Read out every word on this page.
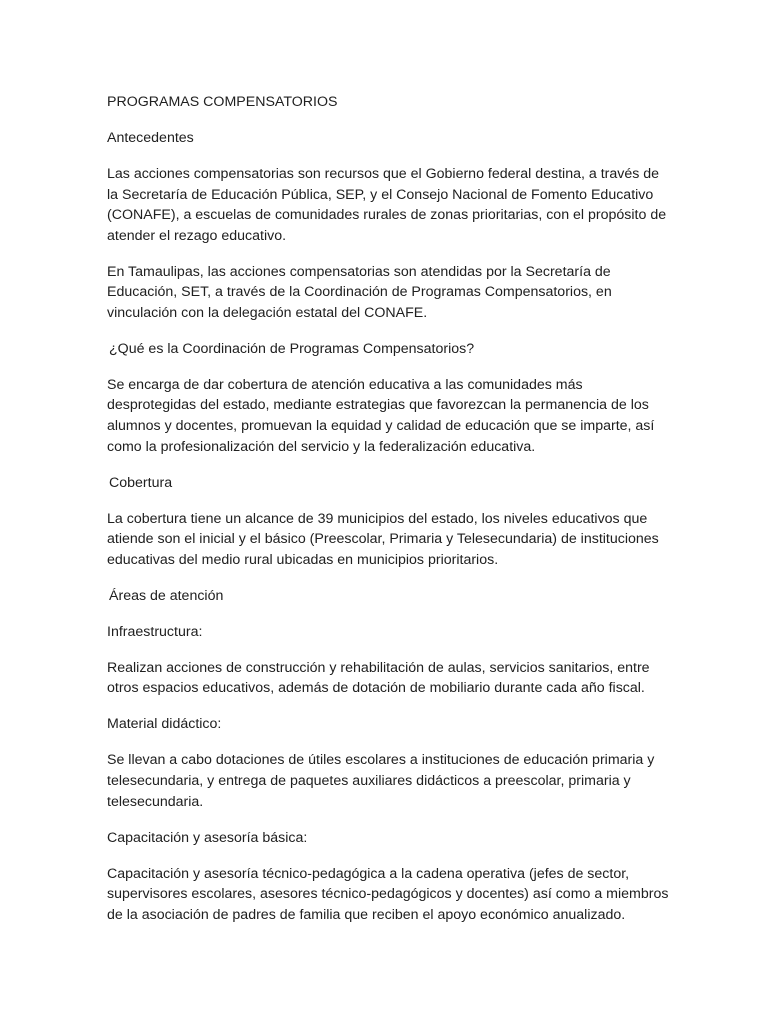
PROGRAMAS COMPENSATORIOS

Antecedentes

Las acciones compensatorias son recursos que el Gobierno federal destina, a través de la Secretaría de Educación Pública, SEP, y el Consejo Nacional de Fomento Educativo (CONAFE), a escuelas de comunidades rurales de zonas prioritarias, con el propósito de atender el rezago educativo.

En Tamaulipas, las acciones compensatorias son atendidas por la Secretaría de Educación, SET, a través de la Coordinación de Programas Compensatorios, en vinculación con la delegación estatal del CONAFE.

¿Qué es la Coordinación de Programas Compensatorios?

Se encarga de dar cobertura de atención educativa a las comunidades más desprotegidas del estado, mediante estrategias que favorezcan la permanencia de los alumnos y docentes, promuevan la equidad y calidad de educación que se imparte, así como la profesionalización del servicio y la federalización educativa.

Cobertura

La cobertura tiene un alcance de 39 municipios del estado, los niveles educativos que atiende son el inicial y el básico (Preescolar, Primaria y Telesecundaria) de instituciones educativas del medio rural ubicadas en municipios prioritarios.

Áreas de atención

Infraestructura:

Realizan acciones de construcción y rehabilitación de aulas, servicios sanitarios, entre otros espacios educativos, además de dotación de mobiliario durante cada año fiscal.

Material didáctico:

Se llevan a cabo dotaciones de útiles escolares a instituciones de educación primaria y telesecundaria, y entrega de paquetes auxiliares didácticos a preescolar, primaria y telesecundaria.

Capacitación y asesoría básica:

Capacitación y asesoría técnico-pedagógica a la cadena operativa (jefes de sector, supervisores escolares, asesores técnico-pedagógicos y docentes) así como a miembros de la asociación de padres de familia que reciben el apoyo económico anualizado.
